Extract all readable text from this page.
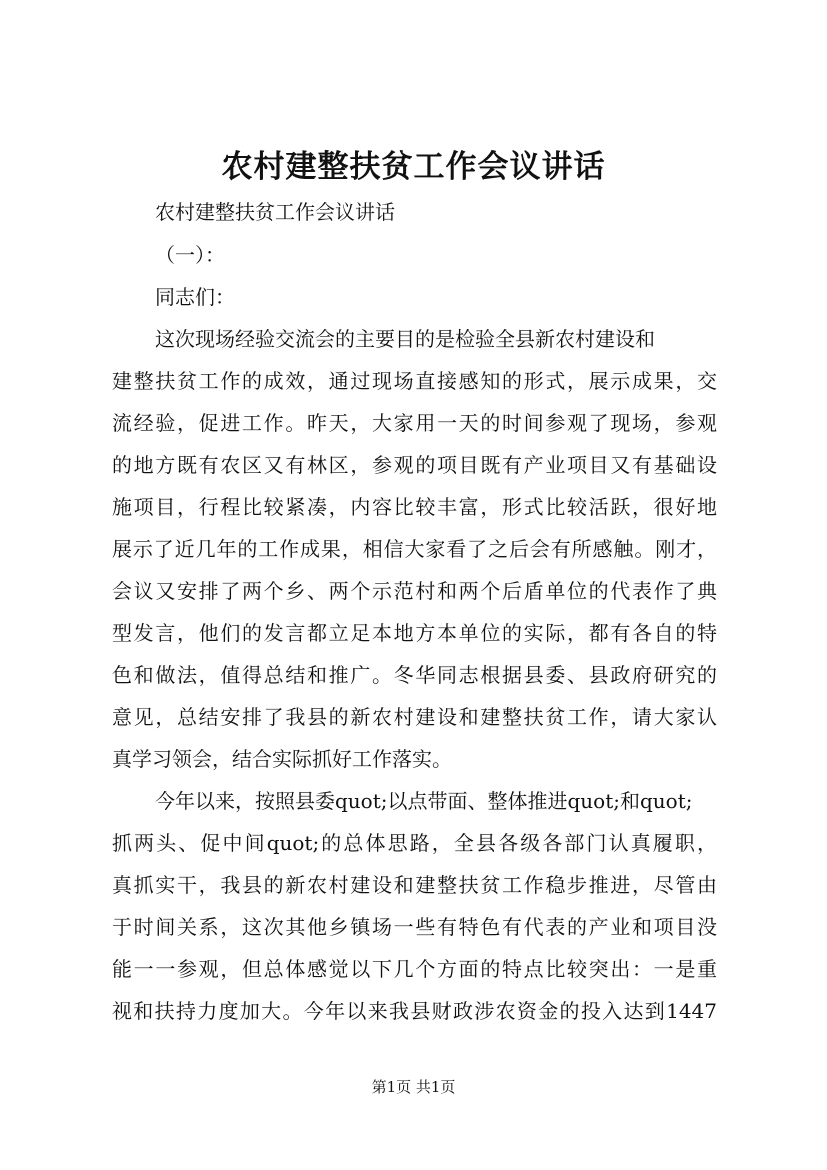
农村建整扶贫工作会议讲话

农村建整扶贫工作会议讲话

（一）：

同志们：

这次现场经验交流会的主要目的是检验全县新农村建设和

建整扶贫工作的成效，通过现场直接感知的形式，展示成果，交

流经验，促进工作。昨天，大家用一天的时间参观了现场，参观

的地方既有农区又有林区，参观的项目既有产业项目又有基础设

施项目，行程比较紧凑，内容比较丰富，形式比较活跃，很好地

展示了近几年的工作成果，相信大家看了之后会有所感触。刚才，

会议又安排了两个乡、两个示范村和两个后盾单位的代表作了典

型发言，他们的发言都立足本地方本单位的实际，都有各自的特

色和做法，值得总结和推广。冬华同志根据县委、县政府研究的

意见，总结安排了我县的新农村建设和建整扶贫工作，请大家认

真学习领会，结合实际抓好工作落实。

今年以来，按照县委quot;以点带面、整体推进quot;和quot;

抓两头、促中间quot;的总体思路，全县各级各部门认真履职，

真抓实干，我县的新农村建设和建整扶贫工作稳步推进，尽管由

于时间关系，这次其他乡镇场一些有特色有代表的产业和项目没

能一一参观，但总体感觉以下几个方面的特点比较突出：一是重

视和扶持力度加大。今年以来我县财政涉农资金的投入达到1447

第1页 共1页
